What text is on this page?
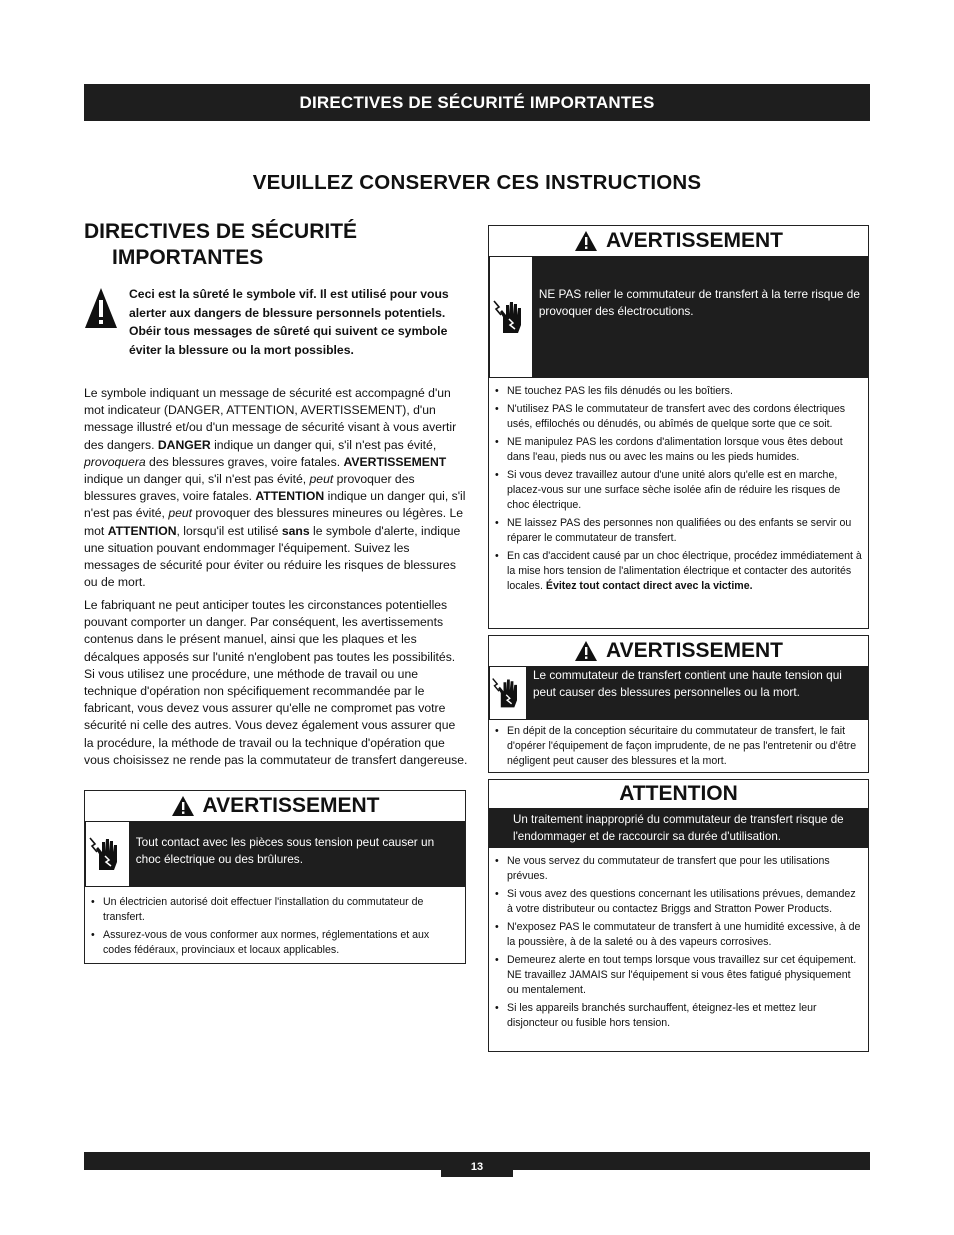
DIRECTIVES DE SÉCURITÉ IMPORTANTES
VEUILLEZ CONSERVER CES INSTRUCTIONS
DIRECTIVES DE SÉCURITÉ
IMPORTANTES
Ceci est la sûreté le symbole vif. Il est utilisé pour vous alerter aux dangers de blessure personnels potentiels. Obéir tous messages de sûreté qui suivent ce symbole éviter la blessure ou la mort possibles.

Le symbole indiquant un message de sécurité est accompagné d'un mot indicateur (DANGER, ATTENTION, AVERTISSEMENT), d'un message illustré et/ou d'un message de sécurité visant à vous avertir des dangers. DANGER indique un danger qui, s'il n'est pas évité, provoquera des blessures graves, voire fatales. AVERTISSEMENT indique un danger qui, s'il n'est pas évité, peut provoquer des blessures graves, voire fatales. ATTENTION indique un danger qui, s'il n'est pas évité, peut provoquer des blessures mineures ou légères. Le mot ATTENTION, lorsqu'il est utilisé sans le symbole d'alerte, indique une situation pouvant endommager l'équipement. Suivez les messages de sécurité pour éviter ou réduire les risques de blessures ou de mort.

Le fabriquant ne peut anticiper toutes les circonstances potentielles pouvant comporter un danger. Par conséquent, les avertissements contenus dans le présent manuel, ainsi que les plaques et les décalques apposés sur l'unité n'englobent pas toutes les possibilités. Si vous utilisez une procédure, une méthode de travail ou une technique d'opération non spécifiquement recommandée par le fabricant, vous devez vous assurer qu'elle ne compromet pas votre sécurité ni celle des autres. Vous devez également vous assurer que la procédure, la méthode de travail ou la technique d'opération que vous choisissez ne rende pas la commutateur de transfert dangereuse.
AVERTISSEMENT
Tout contact avec les pièces sous tension peut causer un choc électrique ou des brûlures.
• Un électricien autorisé doit effectuer l'installation du commutateur de transfert.
• Assurez-vous de vous conformer aux normes, réglementations et aux codes fédéraux, provinciaux et locaux applicables.
AVERTISSEMENT
NE PAS relier le commutateur de transfert à la terre risque de provoquer des électrocutions.
• NE touchez PAS les fils dénudés ou les boîtiers.
• N'utilisez PAS le commutateur de transfert avec des cordons électriques usés, effilochés ou dénudés, ou abîmés de quelque sorte que ce soit.
• NE manipulez PAS les cordons d'alimentation lorsque vous êtes debout dans l'eau, pieds nus ou avec les mains ou les pieds humides.
• Si vous devez travaillez autour d'une unité alors qu'elle est en marche, placez-vous sur une surface sèche isolée afin de réduire les risques de choc électrique.
• NE laissez PAS des personnes non qualifiées ou des enfants se servir ou réparer le commutateur de transfert.
• En cas d'accident causé par un choc électrique, procédez immédiatement à la mise hors tension de l'alimentation électrique et contacter des autorités locales. Évitez tout contact direct avec la victime.
AVERTISSEMENT
Le commutateur de transfert contient une haute tension qui peut causer des blessures personnelles ou la mort.
• En dépit de la conception sécuritaire du commutateur de transfert, le fait d'opérer l'équipement de façon imprudente, de ne pas l'entretenir ou d'être négligent peut causer des blessures et la mort.
ATTENTION
Un traitement inapproprié du commutateur de transfert risque de l'endommager et de raccourcir sa durée d'utilisation.
• Ne vous servez du commutateur de transfert que pour les utilisations prévues.
• Si vous avez des questions concernant les utilisations prévues, demandez à votre distributeur ou contactez Briggs and Stratton Power Products.
• N'exposez PAS le commutateur de transfert à une humidité excessive, à de la poussière, à de la saleté ou à des vapeurs corrosives.
• Demeurez alerte en tout temps lorsque vous travaillez sur cet équipement. NE travaillez JAMAIS sur l'équipement si vous êtes fatigué physiquement ou mentalement.
• Si les appareils branchés surchauffent, éteignez-les et mettez leur disjoncteur ou fusible hors tension.
13
